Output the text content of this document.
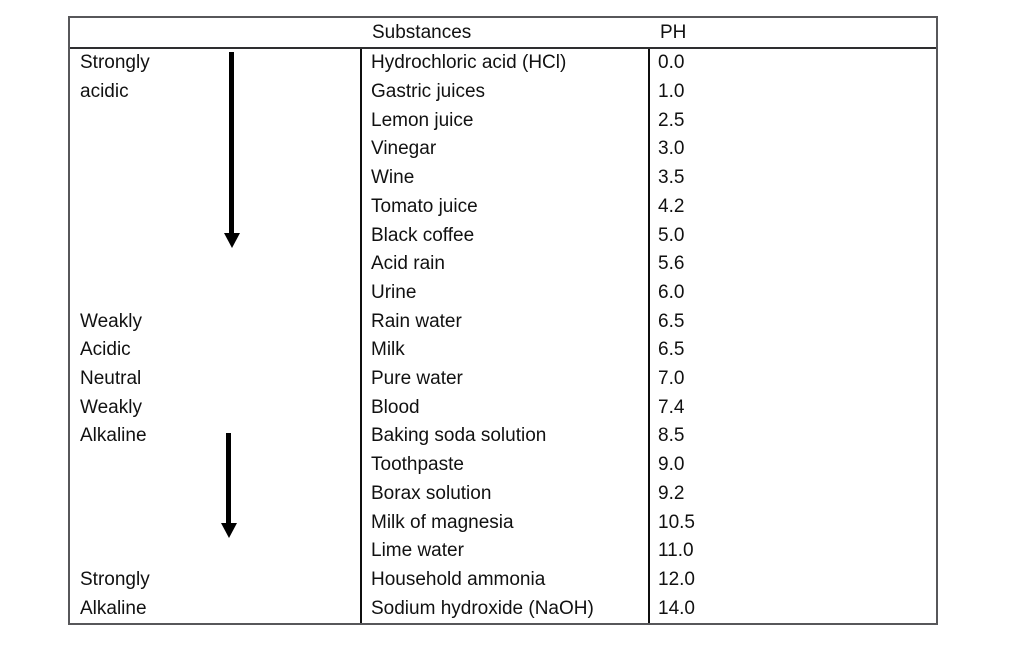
Substances	PH
Strongly
acidic
Weakly
Acidic
Neutral
Weakly
Alkaline
Strongly
Alkaline
Hydrochloric acid (HCl)
Gastric juices
Lemon juice
Vinegar
Wine
Tomato juice
Black coffee
Acid rain
Urine
Rain water
Milk
Pure water
Blood
Baking soda solution
Toothpaste
Borax solution
Milk of magnesia
Lime water
Household ammonia
Sodium hydroxide (NaOH)
0.0
1.0
2.5
3.0
3.5
4.2
5.0
5.6
6.0
6.5
6.5
7.0
7.4
8.5
9.0
9.2
10.5
11.0
12.0
14.0
